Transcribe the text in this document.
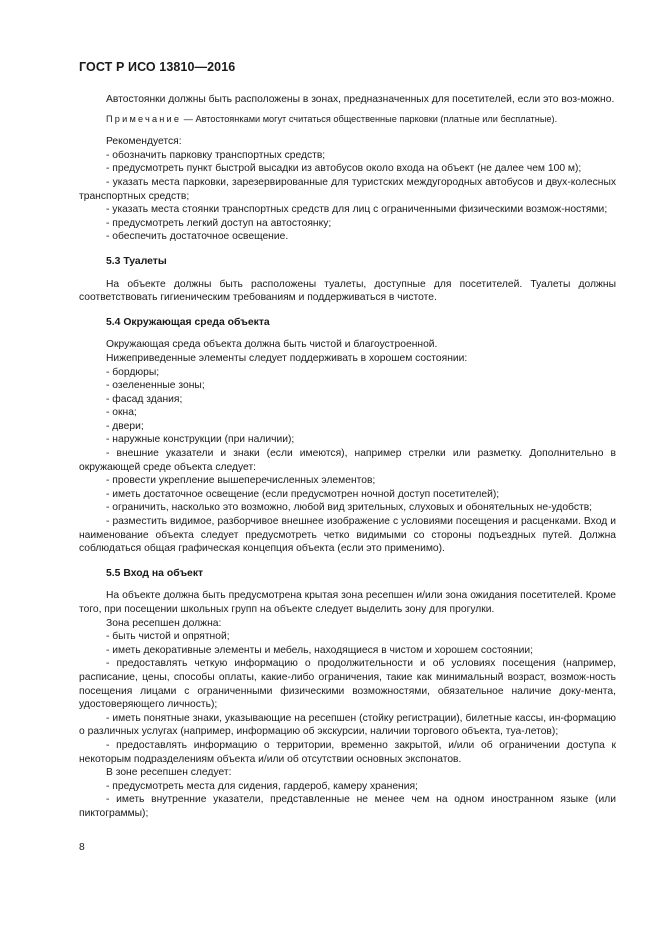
ГОСТ Р ИСО 13810—2016

Автостоянки должны быть расположены в зонах, предназначенных для посетителей, если это воз-можно.

Примечание — Автостоянками могут считаться общественные парковки (платные или бесплатные).

Рекомендуется:

- обозначить парковку транспортных средств;

- предусмотреть пункт быстрой высадки из автобусов около входа на объект (не далее чем 100 м);

- указать места парковки, зарезервированные для туристских междугородных автобусов и двух-колесных транспортных средств;

- указать места стоянки транспортных средств для лиц с ограниченными физическими возмож-ностями;

- предусмотреть легкий доступ на автостоянку;

- обеспечить достаточное освещение.

5.3 Туалеты

На объекте должны быть расположены туалеты, доступные для посетителей. Туалеты должны соответствовать гигиеническим требованиям и поддерживаться в чистоте.

5.4 Окружающая среда объекта

Окружающая среда объекта должна быть чистой и благоустроенной.

Нижеприведенные элементы следует поддерживать в хорошем состоянии:

- бордюры;

- озелененные зоны;

- фасад здания;

- окна;

- двери;

- наружные конструкции (при наличии);

- внешние указатели и знаки (если имеются), например стрелки или разметку. Дополнительно в окружающей среде объекта следует:

- провести укрепление вышеперечисленных элементов;

- иметь достаточное освещение (если предусмотрен ночной доступ посетителей);

- ограничить, насколько это возможно, любой вид зрительных, слуховых и обонятельных не-удобств;

- разместить видимое, разборчивое внешнее изображение с условиями посещения и расценками. Вход и наименование объекта следует предусмотреть четко видимыми со стороны подъездных путей. Должна соблюдаться общая графическая концепция объекта (если это применимо).

5.5 Вход на объект

На объекте должна быть предусмотрена крытая зона ресепшен и/или зона ожидания посетителей. Кроме того, при посещении школьных групп на объекте следует выделить зону для прогулки.

Зона ресепшен должна:

- быть чистой и опрятной;

- иметь декоративные элементы и мебель, находящиеся в чистом и хорошем состоянии;

- предоставлять четкую информацию о продолжительности и об условиях посещения (например, расписание, цены, способы оплаты, какие-либо ограничения, такие как минимальный возраст, возмож-ность посещения лицами с ограниченными физическими возможностями, обязательное наличие доку-мента, удостоверяющего личность);

- иметь понятные знаки, указывающие на ресепшен (стойку регистрации), билетные кассы, ин-формацию о различных услугах (например, информацию об экскурсии, наличии торгового объекта, туа-летов);

- предоставлять информацию о территории, временно закрытой, и/или об ограничении доступа к некоторым подразделениям объекта и/или об отсутствии основных экспонатов.

В зоне ресепшен следует:

- предусмотреть места для сидения, гардероб, камеру хранения;

- иметь внутренние указатели, представленные не менее чем на одном иностранном языке (или пиктограммы);

8
